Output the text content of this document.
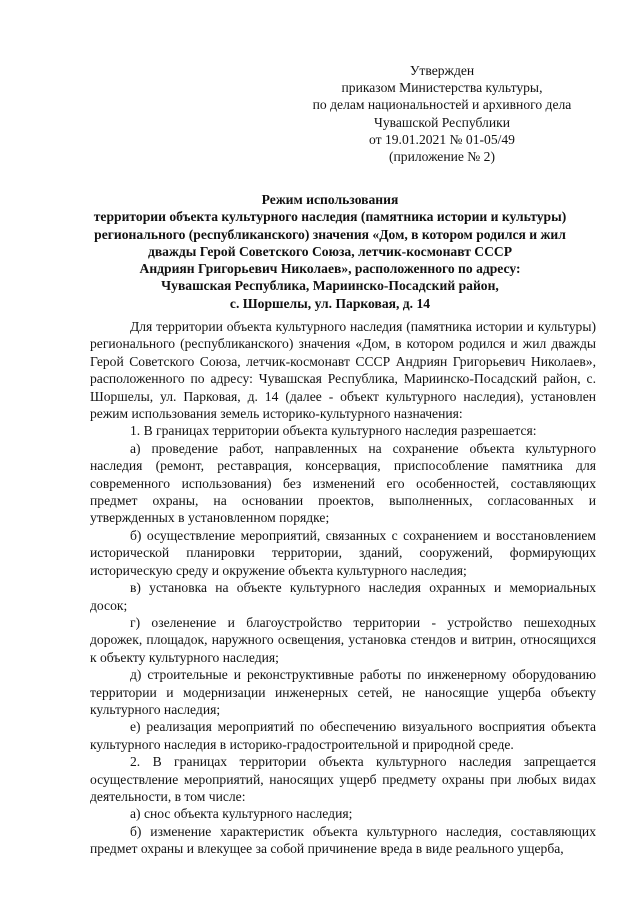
Утвержден
приказом Министерства культуры,
по делам национальностей и архивного дела
Чувашской Республики
от 19.01.2021 № 01-05/49
(приложение № 2)
Режим использования
территории объекта культурного наследия (памятника истории и культуры)
регионального (республиканского) значения «Дом, в котором родился и жил
дважды Герой Советского Союза, летчик-космонавт СССР
Андриян Григорьевич Николаев», расположенного по адресу:
Чувашская Республика, Мариинско-Посадский район,
с. Шоршелы, ул. Парковая, д. 14

Для территории объекта культурного наследия (памятника истории и культуры) регионального (республиканского) значения «Дом, в котором родился и жил дважды Герой Советского Союза, летчик-космонавт СССР Андриян Григорьевич Николаев», расположенного по адресу: Чувашская Республика, Мариинско-Посадский район, с. Шоршелы, ул. Парковая, д. 14 (далее - объект культурного наследия), установлен режим использования земель историко-культурного назначения:

1. В границах территории объекта культурного наследия разрешается:

а) проведение работ, направленных на сохранение объекта культурного наследия (ремонт, реставрация, консервация, приспособление памятника для современного использования) без изменений его особенностей, составляющих предмет охраны, на основании проектов, выполненных, согласованных и утвержденных в установленном порядке;

б) осуществление мероприятий, связанных с сохранением и восстановлением исторической планировки территории, зданий, сооружений, формирующих историческую среду и окружение объекта культурного наследия;

в) установка на объекте культурного наследия охранных и мемориальных досок;

г) озеленение и благоустройство территории - устройство пешеходных дорожек, площадок, наружного освещения, установка стендов и витрин, относящихся к объекту культурного наследия;

д) строительные и реконструктивные работы по инженерному оборудованию территории и модернизации инженерных сетей, не наносящие ущерба объекту культурного наследия;

е) реализация мероприятий по обеспечению визуального восприятия объекта культурного наследия в историко-градостроительной и природной среде.

2. В границах территории объекта культурного наследия запрещается осуществление мероприятий, наносящих ущерб предмету охраны при любых видах деятельности, в том числе:

а) снос объекта культурного наследия;

б) изменение характеристик объекта культурного наследия, составляющих предмет охраны и влекущее за собой причинение вреда в виде реального ущерба,
